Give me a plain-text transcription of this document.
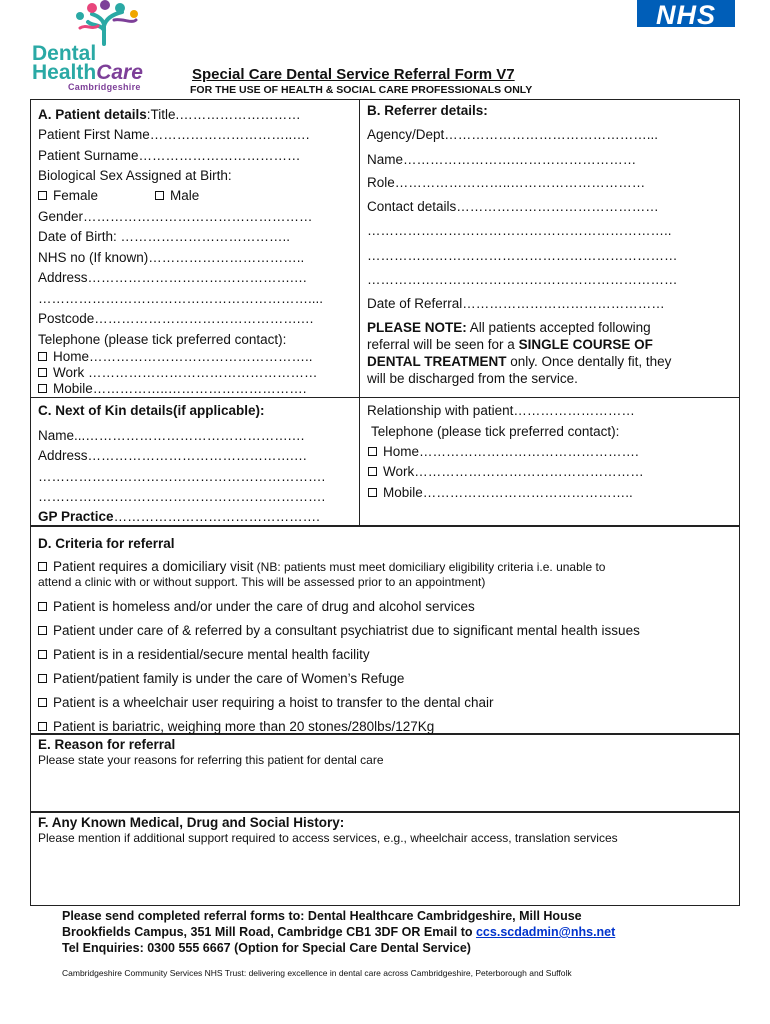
Dental
HealthCare
Cambridgeshire
NHS
Special Care Dental Service Referral Form V7
FOR THE USE OF HEALTH & SOCIAL CARE PROFESSIONALS ONLY
A. Patient details:Title.………………………
Patient First Name…………………………..….
Patient Surname………………………………
Biological Sex Assigned at Birth:
Female	Male
Gender……………………………………………
Date of Birth: ………………………………..
NHS no (If known)……………………………..
Address……………………………………….…
……………………………………………………....
Postcode……………………………………….…
Telephone (please tick preferred contact):
Home…………………………………………..
Work ……………………………………………
Mobile……………..………………………….
B. Referrer details:
Agency/Dept………………………………………...
Name…………………….………………………
Role……………………..…………………………
Contact details………………………………………
…………………………………………………………..
……………………………………………………………
……………………………………………………………
Date of Referral………………………………………
PLEASE NOTE: All patients accepted following
referral will be seen for a SINGLE COURSE OF
DENTAL TREATMENT only. Once dentally fit, they
will be discharged from the service.
C. Next of Kin details(if applicable):
Name...……………………………………….…
Address……………………………………….…
……………………………………………………….
……………………………………………………….
GP Practice……………………………………….
Relationship with patient………………………
Telephone (please tick preferred contact):
Home………………………………………….
Work……………………………………………
Mobile………………………………………..
D. Criteria for referral
Patient requires a domiciliary visit (NB: patients must meet domiciliary eligibility criteria i.e. unable to
attend a clinic with or without support. This will be assessed prior to an appointment)
Patient is homeless and/or under the care of drug and alcohol services
Patient under care of & referred by a consultant psychiatrist due to significant mental health issues
Patient is in a residential/secure mental health facility
Patient/patient family is under the care of Women’s Refuge
Patient is a wheelchair user requiring a hoist to transfer to the dental chair
Patient is bariatric, weighing more than 20 stones/280lbs/127Kg
E. Reason for referral
Please state your reasons for referring this patient for dental care
F. Any Known Medical, Drug and Social History:
Please mention if additional support required to access services, e.g., wheelchair access, translation services
Please send completed referral forms to: Dental Healthcare Cambridgeshire, Mill House
Brookfields Campus, 351 Mill Road, Cambridge CB1 3DF OR Email to ccs.scdadmin@nhs.net
Tel Enquiries: 0300 555 6667 (Option for Special Care Dental Service)
Cambridgeshire Community Services NHS Trust: delivering excellence in dental care across Cambridgeshire, Peterborough and Suffolk
